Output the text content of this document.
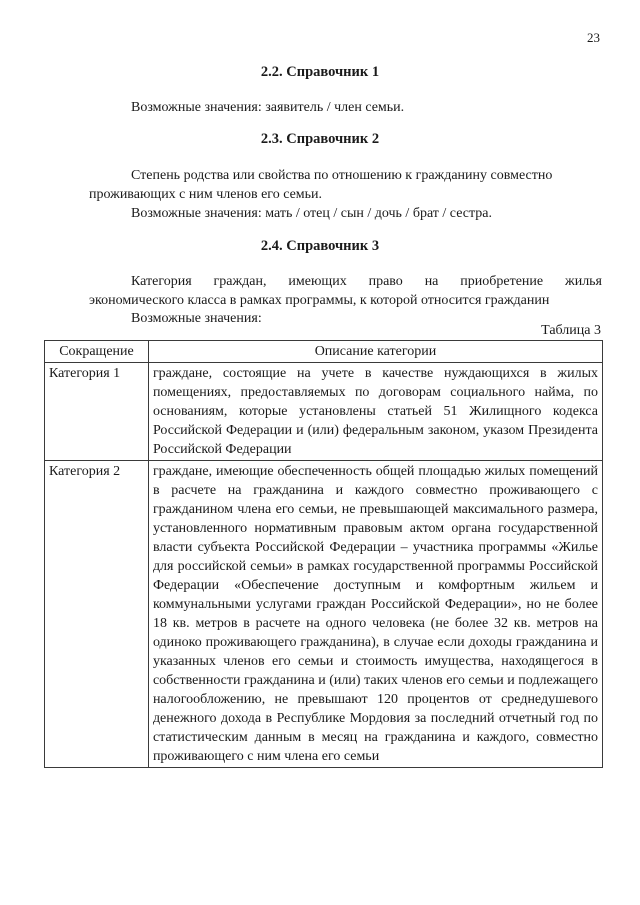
23
2.2. Справочник 1
Возможные значения: заявитель / член семьи.
2.3. Справочник 2
Степень родства или свойства по отношению к гражданину совместно
проживающих с ним членов его семьи.
Возможные значения: мать / отец / сын / дочь / брат / сестра.
2.4. Справочник 3
Категория граждан, имеющих право на приобретение жилья
экономического класса в рамках программы, к которой относится гражданин
Возможные значения:
Таблица 3
Сокращение	Описание категории
Категория 1	граждане, состоящие на учете в качестве нуждающихся в жилых помещениях, предоставляемых по договорам социального найма, по основаниям, которые установлены статьей 51 Жилищного кодекса Российской Федерации и (или) федеральным законом, указом Президента Российской Федерации
Категория 2	граждане, имеющие обеспеченность общей площадью жилых помещений в расчете на гражданина и каждого совместно проживающего с гражданином члена его семьи, не превышающей максимального размера, установленного нормативным правовым актом органа государственной власти субъекта Российской Федерации – участника программы «Жилье для российской семьи» в рамках государственной программы Российской Федерации «Обеспечение доступным и комфортным жильем и коммунальными услугами граждан Российской Федерации», но не более 18 кв. метров в расчете на одного человека (не более 32 кв. метров на одиноко проживающего гражданина), в случае если доходы гражданина и указанных членов его семьи и стоимость имущества, находящегося в собственности гражданина и (или) таких членов его семьи и подлежащего налогообложению, не превышают 120 процентов от среднедушевого денежного дохода в Республике Мордовия за последний отчетный год по статистическим данным в месяц на гражданина и каждого, совместно проживающего с ним члена его семьи
